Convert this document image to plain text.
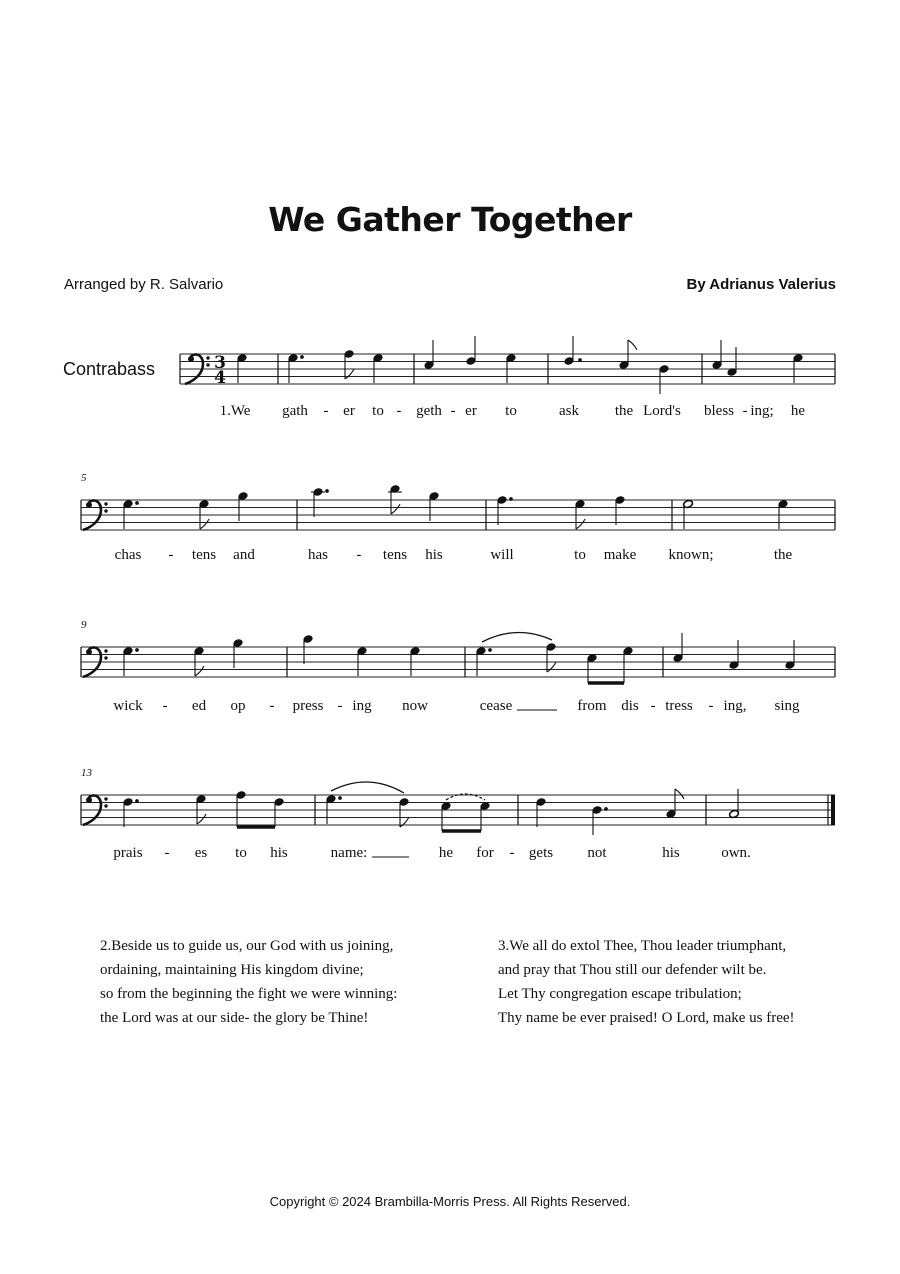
We Gather Together
Arranged by R. Salvario	By Adrianus Valerius
Contrabass	3
4
1.We gath - er to - geth - er to	ask the Lord's bless - ing; he
5
chas - tens and	has - tens his	will	to make known;	the
9
wick - ed op - press - ing now	cease	from dis - tress - ing, sing
13
prais - es to his	name:	he for - gets not	his	own.
2.Beside us to guide us, our God with us joining,
ordaining, maintaining His kingdom divine;
so from the beginning the fight we were winning:
the Lord was at our side- the glory be Thine!
3.We all do extol Thee, Thou leader triumphant,
and pray that Thou still our defender wilt be.
Let Thy congregation escape tribulation;
Thy name be ever praised! O Lord, make us free!
Copyright © 2024 Brambilla-Morris Press. All Rights Reserved.
